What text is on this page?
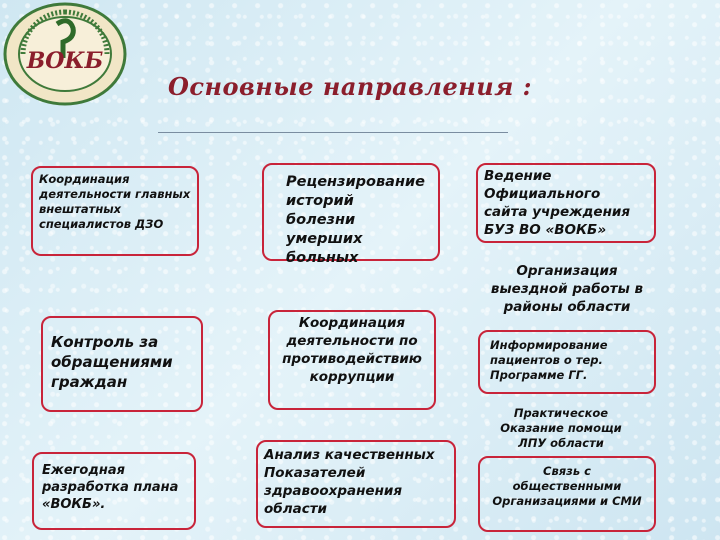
ВОКБ
Основные направления :
Координация деятельности главных внештатных специалистов ДЗО
Контроль за обращениями граждан
Ежегодная разработка плана «ВОКБ».
Рецензирование историй болезни умерших больных
Координация деятельности по противодействию коррупции
Анализ качественных Показателей здравоохранения области
Ведение Официального сайта учреждения БУЗ ВО «ВОКБ»
Организация выездной работы в районы области
Информирование пациентов о тер. Программе ГГ.
Практическое Оказание помощи ЛПУ области
Связь с общественными Организациями и СМИ
